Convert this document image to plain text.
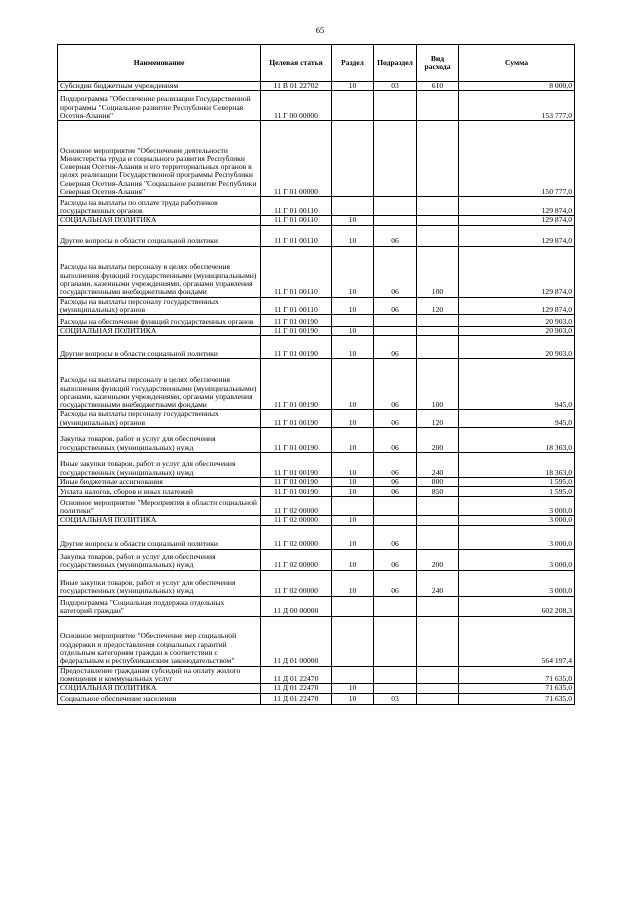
65
Наименование	Целевая статья	Раздел	Подраздел	Вид расхода	Сумма
Субсидии бюджетным учреждениям	11 В 01 22702	10	03	610	8 000,0
Подпрограмма "Обеспечение реализации Государственной программы "Социальное развитие Республики Северная Осетия-Алания"	11 Г 00 00000				153 777,0
Основное мероприятие "Обеспечение деятельности Министерства труда и социального развития Республики Северная Осетия-Алания и его территориальных органов в целях реализации Государственной программы Республики Северная Осетия-Алания "Социальное развитие Республики Северная Осетия-Алания"	11 Г 01 00000				150 777,0
Расходы на выплаты по оплате труда работников государственных органов	11 Г 01 00110				129 874,0
СОЦИАЛЬНАЯ ПОЛИТИКА	11 Г 01 00110	10			129 874,0
Другие вопросы в области социальной политики	11 Г 01 00110	10	06		129 874,0
Расходы на выплаты персоналу в целях обеспечения выполнения функций государственными (муниципальными) органами, казенными учреждениями, органами управления государственными внебюджетными фондами	11 Г 01 00110	10	06	100	129 874,0
Расходы на выплаты персоналу государственных (муниципальных) органов	11 Г 01 00110	10	06	120	129 874,0
Расходы на обеспечение функций государственных органов	11 Г 01 00190				20 903,0
СОЦИАЛЬНАЯ ПОЛИТИКА	11 Г 01 00190	10			20 903,0
Другие вопросы в области социальной политики	11 Г 01 00190	10	06		20 903,0
Расходы на выплаты персоналу в целях обеспечения выполнения функций государственными (муниципальными) органами, казенными учреждениями, органами управления государственными внебюджетными фондами	11 Г 01 00190	10	06	100	945,0
Расходы на выплаты персоналу государственных (муниципальных) органов	11 Г 01 00190	10	06	120	945,0
Закупка товаров, работ и услуг для обеспечения государственных (муниципальных) нужд	11 Г 01 00190	10	06	200	18 363,0
Иные закупки товаров, работ и услуг для обеспечения государственных (муниципальных) нужд	11 Г 01 00190	10	06	240	18 363,0
Иные бюджетные ассигнования	11 Г 01 00190	10	06	800	1 595,0
Уплата налогов, сборов и иных платежей	11 Г 01 00190	10	06	850	1 595,0
Основное мероприятие "Мероприятия в области социальной политики"	11 Г 02 00000				3 000,0
СОЦИАЛЬНАЯ ПОЛИТИКА	11 Г 02 00000	10			3 000,0
Другие вопросы в области социальной политики	11 Г 02 00000	10	06		3 000,0
Закупка товаров, работ и услуг для обеспечения государственных (муниципальных) нужд	11 Г 02 00000	10	06	200	3 000,0
Иные закупки товаров, работ и услуг для обеспечения государственных (муниципальных) нужд	11 Г 02 00000	10	06	240	3 000,0
Подпрограмма "Социальная поддержка отдельных категорий граждан"	11 Д 00 00000				602 208,3
Основное мероприятие "Обеспечение мер социальной поддержки и предоставления социальных гарантий отдельным категориям граждан в соответствии с федеральным и республиканским законодательством"	11 Д 01 00000				564 197,4
Предоставление гражданам субсидий на оплату жилого помещения и коммунальных услуг	11 Д 01 22470				71 635,0
СОЦИАЛЬНАЯ ПОЛИТИКА	11 Д 01 22470	10			71 635,0
Социальное обеспечение населения	11 Д 01 22470	10	03		71 635,0
